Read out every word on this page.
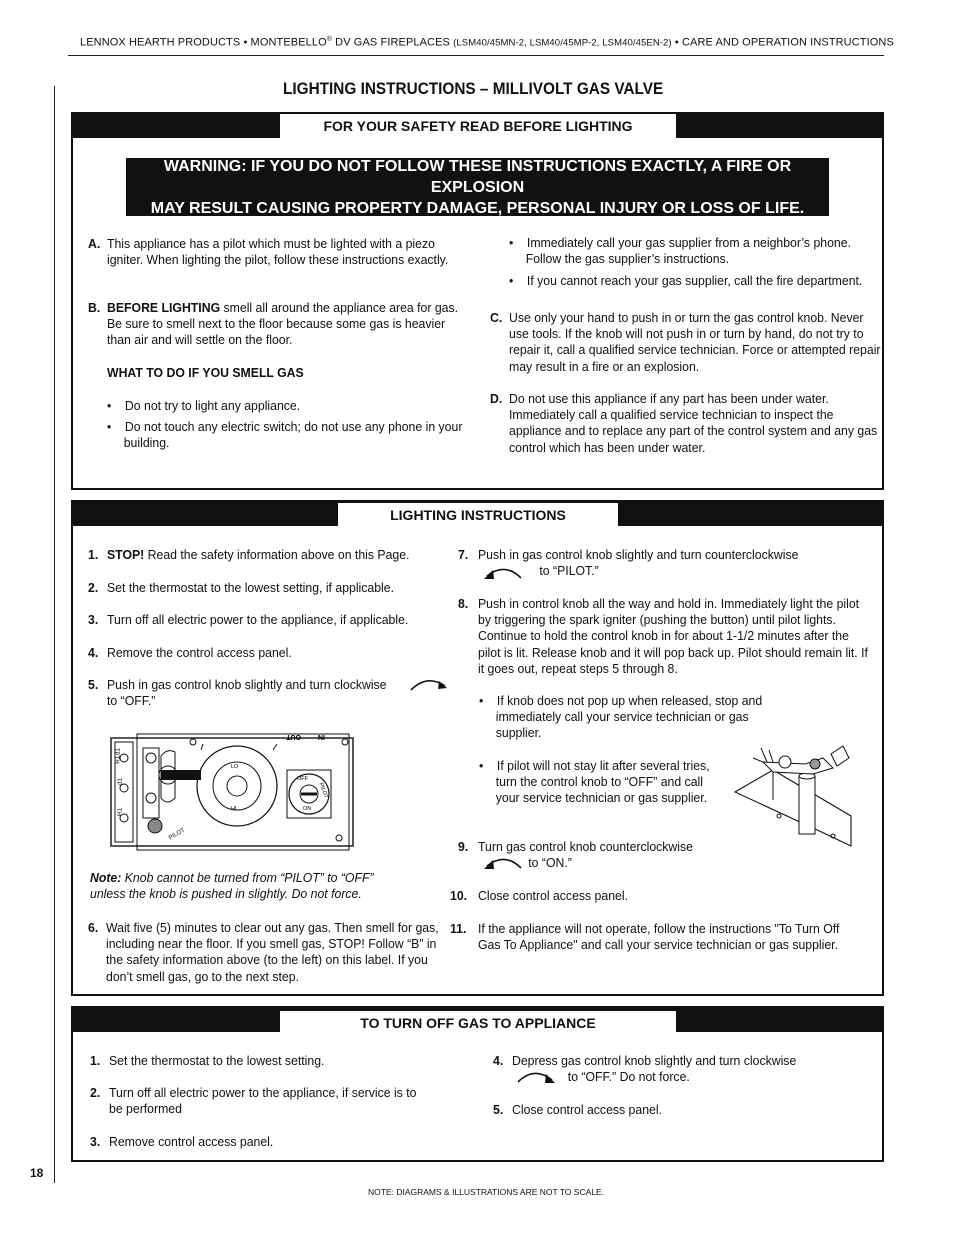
LENNOX HEARTH PRODUCTS • MONTEBELLO® DV GAS FIREPLACES (LSM40/45MN-2, LSM40/45MP-2, LSM40/45EN-2) • CARE AND OPERATION INSTRUCTIONS
18
LIGHTING INSTRUCTIONS – MILLIVOLT GAS VALVE
FOR YOUR SAFETY READ BEFORE LIGHTING
WARNING: IF YOU DO NOT FOLLOW THESE INSTRUCTIONS EXACTLY, A FIRE OR EXPLOSION
MAY RESULT CAUSING PROPERTY DAMAGE, PERSONAL INJURY OR LOSS OF LIFE.
A. This appliance has a pilot which must be lighted with a piezo igniter. When lighting the pilot, follow these instructions exactly.
B. BEFORE LIGHTING smell all around the appliance area for gas. Be sure to smell next to the floor because some gas is heavier than air and will settle on the floor.
WHAT TO DO IF YOU SMELL GAS
•    Do not try to light any appliance.
•    Do not touch any electric switch; do not use any phone in your building.
•    Immediately call your gas supplier from a neighbor’s phone. Follow the gas supplier’s instructions.
•    If you cannot reach your gas supplier, call the fire department.
C. Use only your hand to push in or turn the gas control knob. Never use tools. If the knob will not push in or turn by hand, do not try to repair it, call a qualified service technician. Force or attempted repair may result in a fire or an explosion.
D. Do not use this appliance if any part has been under water. Immediately call a qualified service technician to inspect the appliance and to replace any part of the control system and any gas control which has been under water.
LIGHTING INSTRUCTIONS
1. STOP! Read the safety information above on this Page.
2. Set the thermostat to the lowest setting, if applicable.
3. Turn off all electric power to the appliance, if applicable.
4. Remove the control access panel.
5. Push in gas control knob slightly and turn clockwise
to “OFF.”
OUT IN
TPTH
TP
TH
PILOT
ON
OFF
PILOT
LO
HI
Note: Knob cannot be turned from “PILOT” to “OFF” unless the knob is pushed in slightly. Do not force.
6. Wait five (5) minutes to clear out any gas. Then smell for gas, including near the floor. If you smell gas, STOP! Follow “B” in the safety information above (to the left) on this label. If you don’t smell gas, go to the next step.
7. Push in gas control knob slightly and turn counterclockwise
to “PILOT.”
8. Push in control knob all the way and hold in. Immediately light the pilot by triggering the spark igniter (pushing the button) until pilot lights. Continue to hold the control knob in for about 1-1/2 minutes after the pilot is lit. Release knob and it will pop back up. Pilot should remain lit. If it goes out, repeat steps 5 through 8.
•    If knob does not pop up when released, stop and immediately call your service technician or gas supplier.
•    If pilot will not stay lit after several tries, turn the control knob to “OFF” and call your service technician or gas supplier.
9. Turn gas control knob counterclockwise
to “ON.”
10. Close control access panel.
11. If the appliance will not operate, follow the instructions "To Turn Off Gas To Appliance" and call your service technician or gas supplier.
TO TURN OFF GAS TO APPLIANCE
1. Set the thermostat to the lowest setting.
2. Turn off all electric power to the appliance, if service is to be performed
3. Remove control access panel.
4. Depress gas control knob slightly and turn clockwise
to “OFF.” Do not force.
5. Close control access panel.
NOTE: DIAGRAMS & ILLUSTRATIONS ARE NOT TO SCALE.
